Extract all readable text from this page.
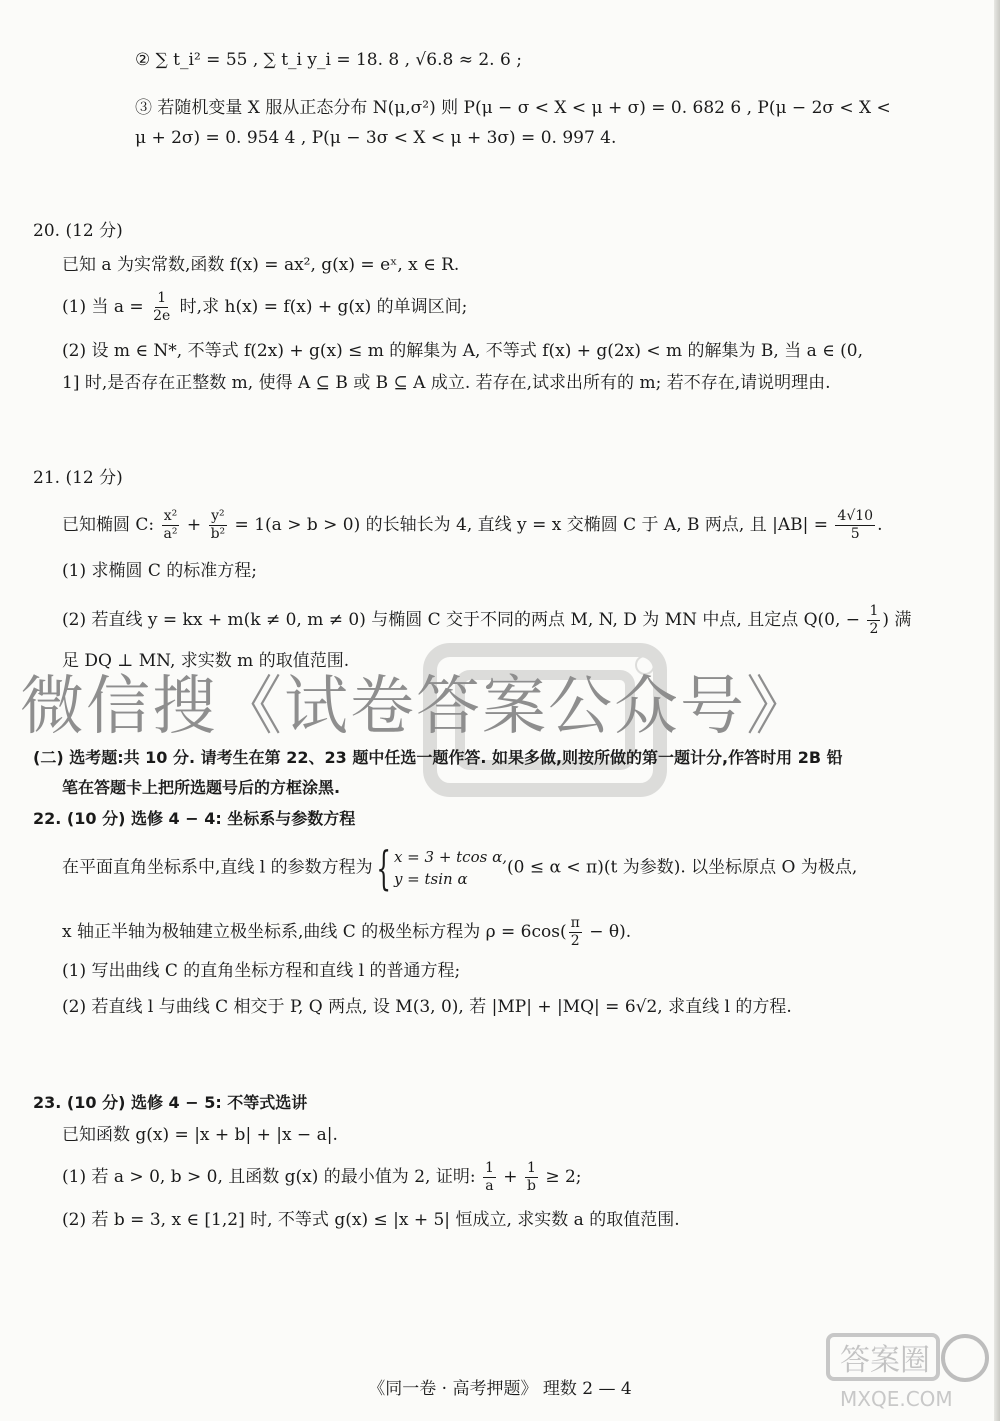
② ∑ t_i² = 55 , ∑ t_i y_i = 18. 8 , √6.8 ≈ 2. 6 ;
③ 若随机变量 X 服从正态分布 N(μ,σ²) 则 P(μ − σ < X < μ + σ) = 0. 682 6 , P(μ − 2σ < X <
μ + 2σ) = 0. 954 4 , P(μ − 3σ < X < μ + 3σ) = 0. 997 4.
20. (12 分)
已知 a 为实常数,函数 f(x) = ax², g(x) = eˣ, x ∈ R.
(1) 当 $a = \frac{1}{2e}$ 时,求 h(x) = f(x) + g(x) 的单调区间;
(2) 设 m ∈ N*, 不等式 f(2x) + g(x) ≤ m 的解集为 A, 不等式 f(x) + g(2x) < m 的解集为 B, 当 a ∈ (0,
1] 时,是否存在正整数 m, 使得 A ⊆ B 或 B ⊆ A 成立. 若存在,试求出所有的 m; 若不存在,请说明理由.
21. (12 分)
已知椭圆 C: $\frac{\text{x²}}{\text{a²}} + \frac{\text{y²}}{\text{b²}} = 1(a > b > 0)$ 的长轴长为 4, 直线 y = x 交椭圆 C 于 A, B 两点, 且 $|AB| = \frac{4√10}{5}$ .
(1) 求椭圆 C 的标准方程;
(2) 若直线 y = kx + m(k ≠ 0, m ≠ 0) 与椭圆 C 交于不同的两点 M, N, D 为 MN 中点, 且定点 Q(0, − $\frac{1}{2}$ ) 满
足 DQ ⊥ MN, 求实数 m 的取值范围.
微信搜《试卷答案公众号》
(二) 选考题:共 10 分. 请考生在第 22、23 题中任选一题作答. 如果多做,则按所做的第一题计分,作答时用 2B 铅
笔在答题卡上把所选题号后的方框涂黑.
22. (10 分) 选修 4 − 4: 坐标系与参数方程
在平面直角坐标系中,直线 l 的参数方程为{ x = 3 + tcos α,
y = tsin α
(0 ≤ α < π)(t 为参数). 以坐标原点 O 为极点,
x 轴正半轴为极轴建立极坐标系,曲线 C 的极坐标方程为 $\rho = 6\cos( \frac{\pi}{2} - \theta)$.
(1) 写出曲线 C 的直角坐标方程和直线 l 的普通方程;
(2) 若直线 l 与曲线 C 相交于 P, Q 两点, 设 M(3, 0), 若 |MP| + |MQ| = 6√2, 求直线 l 的方程.
23. (10 分) 选修 4 − 5: 不等式选讲
已知函数 g(x) = |x + b| + |x − a|.
(1) 若 a > 0, b > 0, 且函数 g(x) 的最小值为 2, 证明: $\frac{1}{a} + \frac{1}{b} \ge 2$;
(2) 若 b = 3, x ∈ [1,2] 时, 不等式 g(x) ≤ |x + 5| 恒成立, 求实数 a 的取值范围.
《同一卷 · 高考押题》 理数 2 — 4
答案圈
MXQE.COM
